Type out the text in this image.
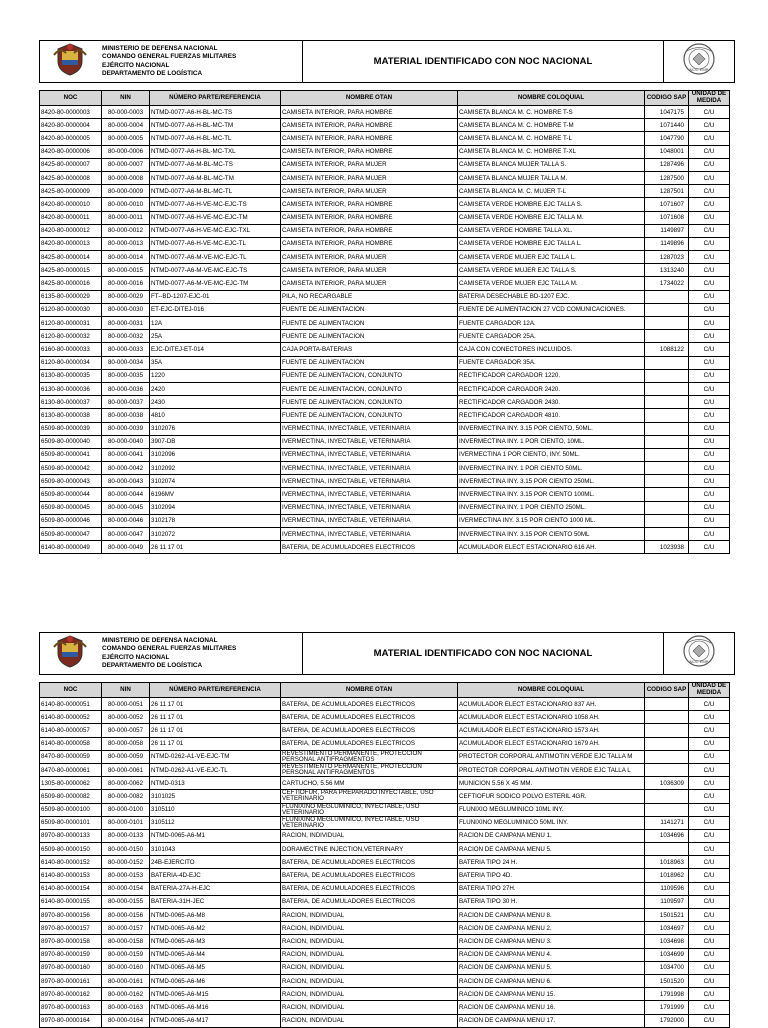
MINISTERIO DE DEFENSA NACIONAL
COMANDO GENERAL FUERZAS MILITARES
EJÉRCITO NACIONAL
DEPARTAMENTO DE LOGÍSTICA
	MATERIAL IDENTIFICADO CON NOC NACIONAL	
NOC EMP
NOC	NIN	NÚMERO PARTE/REFERENCIA	NOMBRE OTAN	NOMBRE COLOQUIAL	CODIGO SAP	UNIDAD DE MEDIDA
8420-80-0000003	80-000-0003	NTMD-0077-A6-H-BL-MC-TS	CAMISETA INTERIOR, PARA HOMBRE	CAMISETA BLANCA M. C. HOMBRE T-S	1047175	C/U
8420-80-0000004	80-000-0004	NTMD-0077-A6-H-BL-MC-TM	CAMISETA INTERIOR, PARA HOMBRE	CAMISETA BLANCA M. C. HOMBRE T-M	1071440	C/U
8420-80-0000005	80-000-0005	NTMD-0077-A6-H-BL-MC-TL	CAMISETA INTERIOR, PARA HOMBRE	CAMISETA BLANCA M. C. HOMBRE T-L	1047790	C/U
8420-80-0000006	80-000-0006	NTMD-0077-A6-H-BL-MC-TXL	CAMISETA INTERIOR, PARA HOMBRE	CAMISETA BLANCA M. C. HOMBRE T-XL	1048001	C/U
8425-80-0000007	80-000-0007	NTMD-0077-A6-M-BL-MC-TS	CAMISETA INTERIOR, PARA MUJER	CAMISETA BLANCA MUJER TALLA S.	1287496	C/U
8425-80-0000008	80-000-0008	NTMD-0077-A6-M-BL-MC-TM	CAMISETA INTERIOR, PARA MUJER	CAMISETA BLANCA MUJER TALLA M.	1287500	C/U
8425-80-0000009	80-000-0009	NTMD-0077-A6-M-BL-MC-TL	CAMISETA INTERIOR, PARA MUJER	CAMISETA BLANCA M. C. MUJER T-L	1287501	C/U
8420-80-0000010	80-000-0010	NTMD-0077-A6-H-VE-MC-EJC-TS	CAMISETA INTERIOR, PARA HOMBRE	CAMISETA VERDE HOMBRE EJC TALLA S.	1071607	C/U
8420-80-0000011	80-000-0011	NTMD-0077-A6-H-VE-MC-EJC-TM	CAMISETA INTERIOR, PARA HOMBRE	CAMISETA VERDE HOMBRE EJC TALLA M.	1071608	C/U
8420-80-0000012	80-000-0012	NTMD-0077-A6-H-VE-MC-EJC-TXL	CAMISETA INTERIOR, PARA HOMBRE	CAMISETA VERDE HOMBRE TALLA XL.	1149897	C/U
8420-80-0000013	80-000-0013	NTMD-0077-A6-H-VE-MC-EJC-TL	CAMISETA INTERIOR, PARA HOMBRE	CAMISETA VERDE HOMBRE EJC TALLA L.	1149896	C/U
8425-80-0000014	80-000-0014	NTMD-0077-A6-M-VE-MC-EJC-TL	CAMISETA INTERIOR, PARA MUJER	CAMISETA VERDE MUJER EJC TALLA L.	1287023	C/U
8425-80-0000015	80-000-0015	NTMD-0077-A6-M-VE-MC-EJC-TS	CAMISETA INTERIOR, PARA MUJER	CAMISETA VERDE MUJER EJC TALLA S.	1313240	C/U
8425-80-0000016	80-000-0016	NTMD-0077-A6-M-VE-MC-EJC-TM	CAMISETA INTERIOR, PARA MUJER	CAMISETA VERDE MUJER EJC TALLA M.	1734022	C/U
6135-80-0000029	80-000-0029	FT--BD-1207-EJC-01	PILA, NO RECARGABLE	BATERIA DESECHABLE BD-1207 EJC.		C/U
6120-80-0000030	80-000-0030	ET-EJC-DITEJ-016	FUENTE DE ALIMENTACION	FUENTE DE ALIMENTACION 27 VCD COMUNICACIONES.		C/U
6120-80-0000031	80-000-0031	12A	FUENTE DE ALIMENTACION	FUENTE CARGADOR 12A.		C/U
6120-80-0000032	80-000-0032	25A	FUENTE DE ALIMENTACION	FUENTE CARGADOR 25A.		C/U
6160-80-0000033	80-000-0033	EJC-DITEJ-ET-014	CAJA PORTA-BATERIAS	CAJA CON CONECTORES INCLUIDOS.	1088122	C/U
6120-80-0000034	80-000-0034	35A	FUENTE DE ALIMENTACION	FUENTE CARGADOR 35A.		C/U
6130-80-0000035	80-000-0035	1220	FUENTE DE ALIMENTACION, CONJUNTO	RECTIFICADOR CARGADOR 1220.		C/U
6130-80-0000036	80-000-0036	2420	FUENTE DE ALIMENTACION, CONJUNTO	RECTIFICADOR CARGADOR 2420.		C/U
6130-80-0000037	80-000-0037	2430	FUENTE DE ALIMENTACION, CONJUNTO	RECTIFICADOR CARGADOR 2430.		C/U
6130-80-0000038	80-000-0038	4810	FUENTE DE ALIMENTACION, CONJUNTO	RECTIFICADOR CARGADOR 4810.		C/U
6509-80-0000039	80-000-0039	3102076	IVERMECTINA, INYECTABLE, VETERINARIA	INVERMECTINA INY. 3.15 POR CIENTO, 50ML.		C/U
6509-80-0000040	80-000-0040	3907-DB	IVERMECTINA, INYECTABLE, VETERINARIA	INVERMECTINA INY. 1 POR CIENTO, 10ML.		C/U
6509-80-0000041	80-000-0041	3102096	IVERMECTINA, INYECTABLE, VETERINARIA	IVERMECTINA 1 POR CIENTO, INY. 50ML.		C/U
6509-80-0000042	80-000-0042	3102092	IVERMECTINA, INYECTABLE, VETERINARIA	INVERMECTINA INY. 1 POR CIENTO 50ML.		C/U
6509-80-0000043	80-000-0043	3102074	IVERMECTINA, INYECTABLE, VETERINARIA	INVERMECTINA INY. 3.15 POR CIENTO 250ML.		C/U
6509-80-0000044	80-000-0044	6196MV	IVERMECTINA, INYECTABLE, VETERINARIA	INVERMECTINA INY. 3.15 POR CIENTO 100ML.		C/U
6509-80-0000045	80-000-0045	3102094	IVERMECTINA, INYECTABLE, VETERINARIA	INVERMECTINA INY. 1 POR CIENTO 250ML.		C/U
6509-80-0000046	80-000-0046	3102178	IVERMECTINA, INYECTABLE, VETERINARIA	IVERMECTINA INY. 3.15 POR CIENTO 1000 ML.		C/U
6509-80-0000047	80-000-0047	3102072	IVERMECTINA, INYECTABLE, VETERINARIA	INVERMECTINA INY. 3.15 POR CIENTO 50ML		C/U
6140-80-0000049	80-000-0049	26 11 17 01	BATERIA, DE ACUMULADORES ELECTRICOS	ACUMULADOR ELECT ESTACIONARIO 616 AH.	1023938	C/U

MINISTERIO DE DEFENSA NACIONAL
COMANDO GENERAL FUERZAS MILITARES
EJÉRCITO NACIONAL
DEPARTAMENTO DE LOGÍSTICA
	MATERIAL IDENTIFICADO CON NOC NACIONAL	
NOC EMP
NOC	NIN	NÚMERO PARTE/REFERENCIA	NOMBRE OTAN	NOMBRE COLOQUIAL	CODIGO SAP	UNIDAD DE MEDIDA
6140-80-0000051	80-000-0051	26 11 17 01	BATERIA, DE ACUMULADORES ELECTRICOS	ACUMULADOR ELECT ESTACIONARIO 837 AH.		C/U
6140-80-0000052	80-000-0052	26 11 17 01	BATERIA, DE ACUMULADORES ELECTRICOS	ACUMULADOR ELECT ESTACIONARIO 1058 AH.		C/U
6140-80-0000057	80-000-0057	26 11 17 01	BATERIA, DE ACUMULADORES ELECTRICOS	ACUMULADOR ELECT ESTACIONARIO 1573 AH.		C/U
6140-80-0000058	80-000-0058	26 11 17 01	BATERIA, DE ACUMULADORES ELECTRICOS	ACUMULADOR ELECT ESTACIONARIO 1679 AH.		C/U
8470-80-0000059	80-000-0059	NTMD-0262-A1-VE-EJC-TM	REVESTIMIENTO PERMANENTE, PROTECCION PERSONAL ANTIFRAGMENTOS	PROTECTOR CORPORAL ANTIMOTIN VERDE EJC TALLA M		C/U
8470-80-0000061	80-000-0061	NTMD-0262-A1-VE-EJC-TL	REVESTIMIENTO PERMANENTE, PROTECCION PERSONAL ANTIFRAGMENTOS	PROTECTOR CORPORAL ANTIMOTIN VERDE EJC TALLA L		C/U
1305-80-0000062	80-000-0062	NTMD-0313	CARTUCHO, 5.56 MM	MUNICION 5.56 X 45 MM.	1036309	C/U
6509-80-0000082	80-000-0082	3101025	CEFTIOFUR, PARA PREPARADO INYECTABLE, USO VETERINARIO	CEFTIOFUR SODICO POLVO ESTERIL 4GR.		C/U
6509-80-0000100	80-000-0100	3105110	FLUNIXINO MEGLUMINICO, INYECTABLE, USO VETERINARIO	FLUNIXIO MEGLUMINICO 10ML INY.		C/U
6509-80-0000101	80-000-0101	3105112	FLUNIXINO MEGLUMINICO, INYECTABLE, USO VETERINARIO	FLUNIXINO MEGLUMINICO 50ML INY.	1141271	C/U
8970-80-0000133	80-000-0133	NTMD-0065-A6-M1	RACION, INDIVIDUAL	RACION DE CAMPANA MENU 1.	1034696	C/U
6509-80-0000150	80-000-0150	3101043	DORAMECTINE INJECTION,VETERINARY	RACION DE CAMPANA MENU 5.		C/U
6140-80-0000152	80-000-0152	24B-EJERCITO	BATERIA, DE ACUMULADORES ELECTRICOS	BATERIA TIPO 24 H.	1018963	C/U
6140-80-0000153	80-000-0153	BATERIA-4D-EJC	BATERIA, DE ACUMULADORES ELECTRICOS	BATERIA TIPO 4D.	1018962	C/U
6140-80-0000154	80-000-0154	BATERIA-27A-H-EJC	BATERIA, DE ACUMULADORES ELECTRICOS	BATERIA TIPO 27H.	1109596	C/U
6140-80-0000155	80-000-0155	BATERIA-31H-JEC	BATERIA, DE ACUMULADORES ELECTRICOS	BATERIA TIPO 30 H.	1109597	C/U
8970-80-0000156	80-000-0156	NTMD-0065-A6-M8	RACION, INDIVIDUAL	RACION DE CAMPANA MENU 8.	1501521	C/U
8970-80-0000157	80-000-0157	NTMD-0065-A6-M2	RACION, INDIVIDUAL	RACION DE CAMPANA MENU 2.	1034697	C/U
8970-80-0000158	80-000-0158	NTMD-0065-A6-M3	RACION, INDIVIDUAL	RACION DE CAMPANA MENU 3.	1034698	C/U
8970-80-0000159	80-000-0159	NTMD-0065-A6-M4	RACION, INDIVIDUAL	RACION DE CAMPANA MENU 4.	1034699	C/U
8970-80-0000160	80-000-0160	NTMD-0065-A6-M5	RACION, INDIVIDUAL	RACION DE CAMPANA MENU 5.	1034700	C/U
8970-80-0000161	80-000-0161	NTMD-0065-A6-M6	RACION, INDIVIDUAL	RACION DE CAMPANA MENU 6.	1501520	C/U
8970-80-0000162	80-000-0162	NTMD-0065-A6-M15	RACION, INDIVIDUAL	RACION DE CAMPANA MENU 15.	1791998	C/U
8970-80-0000163	80-000-0163	NTMD-0065-A6-M16	RACION, INDIVIDUAL	RACION DE CAMPANA MENU 16.	1791999	C/U
8970-80-0000164	80-000-0164	NTMD-0065-A6-M17	RACION, INDIVIDUAL	RACION DE CAMPANA MENU 17.	1792000	C/U
